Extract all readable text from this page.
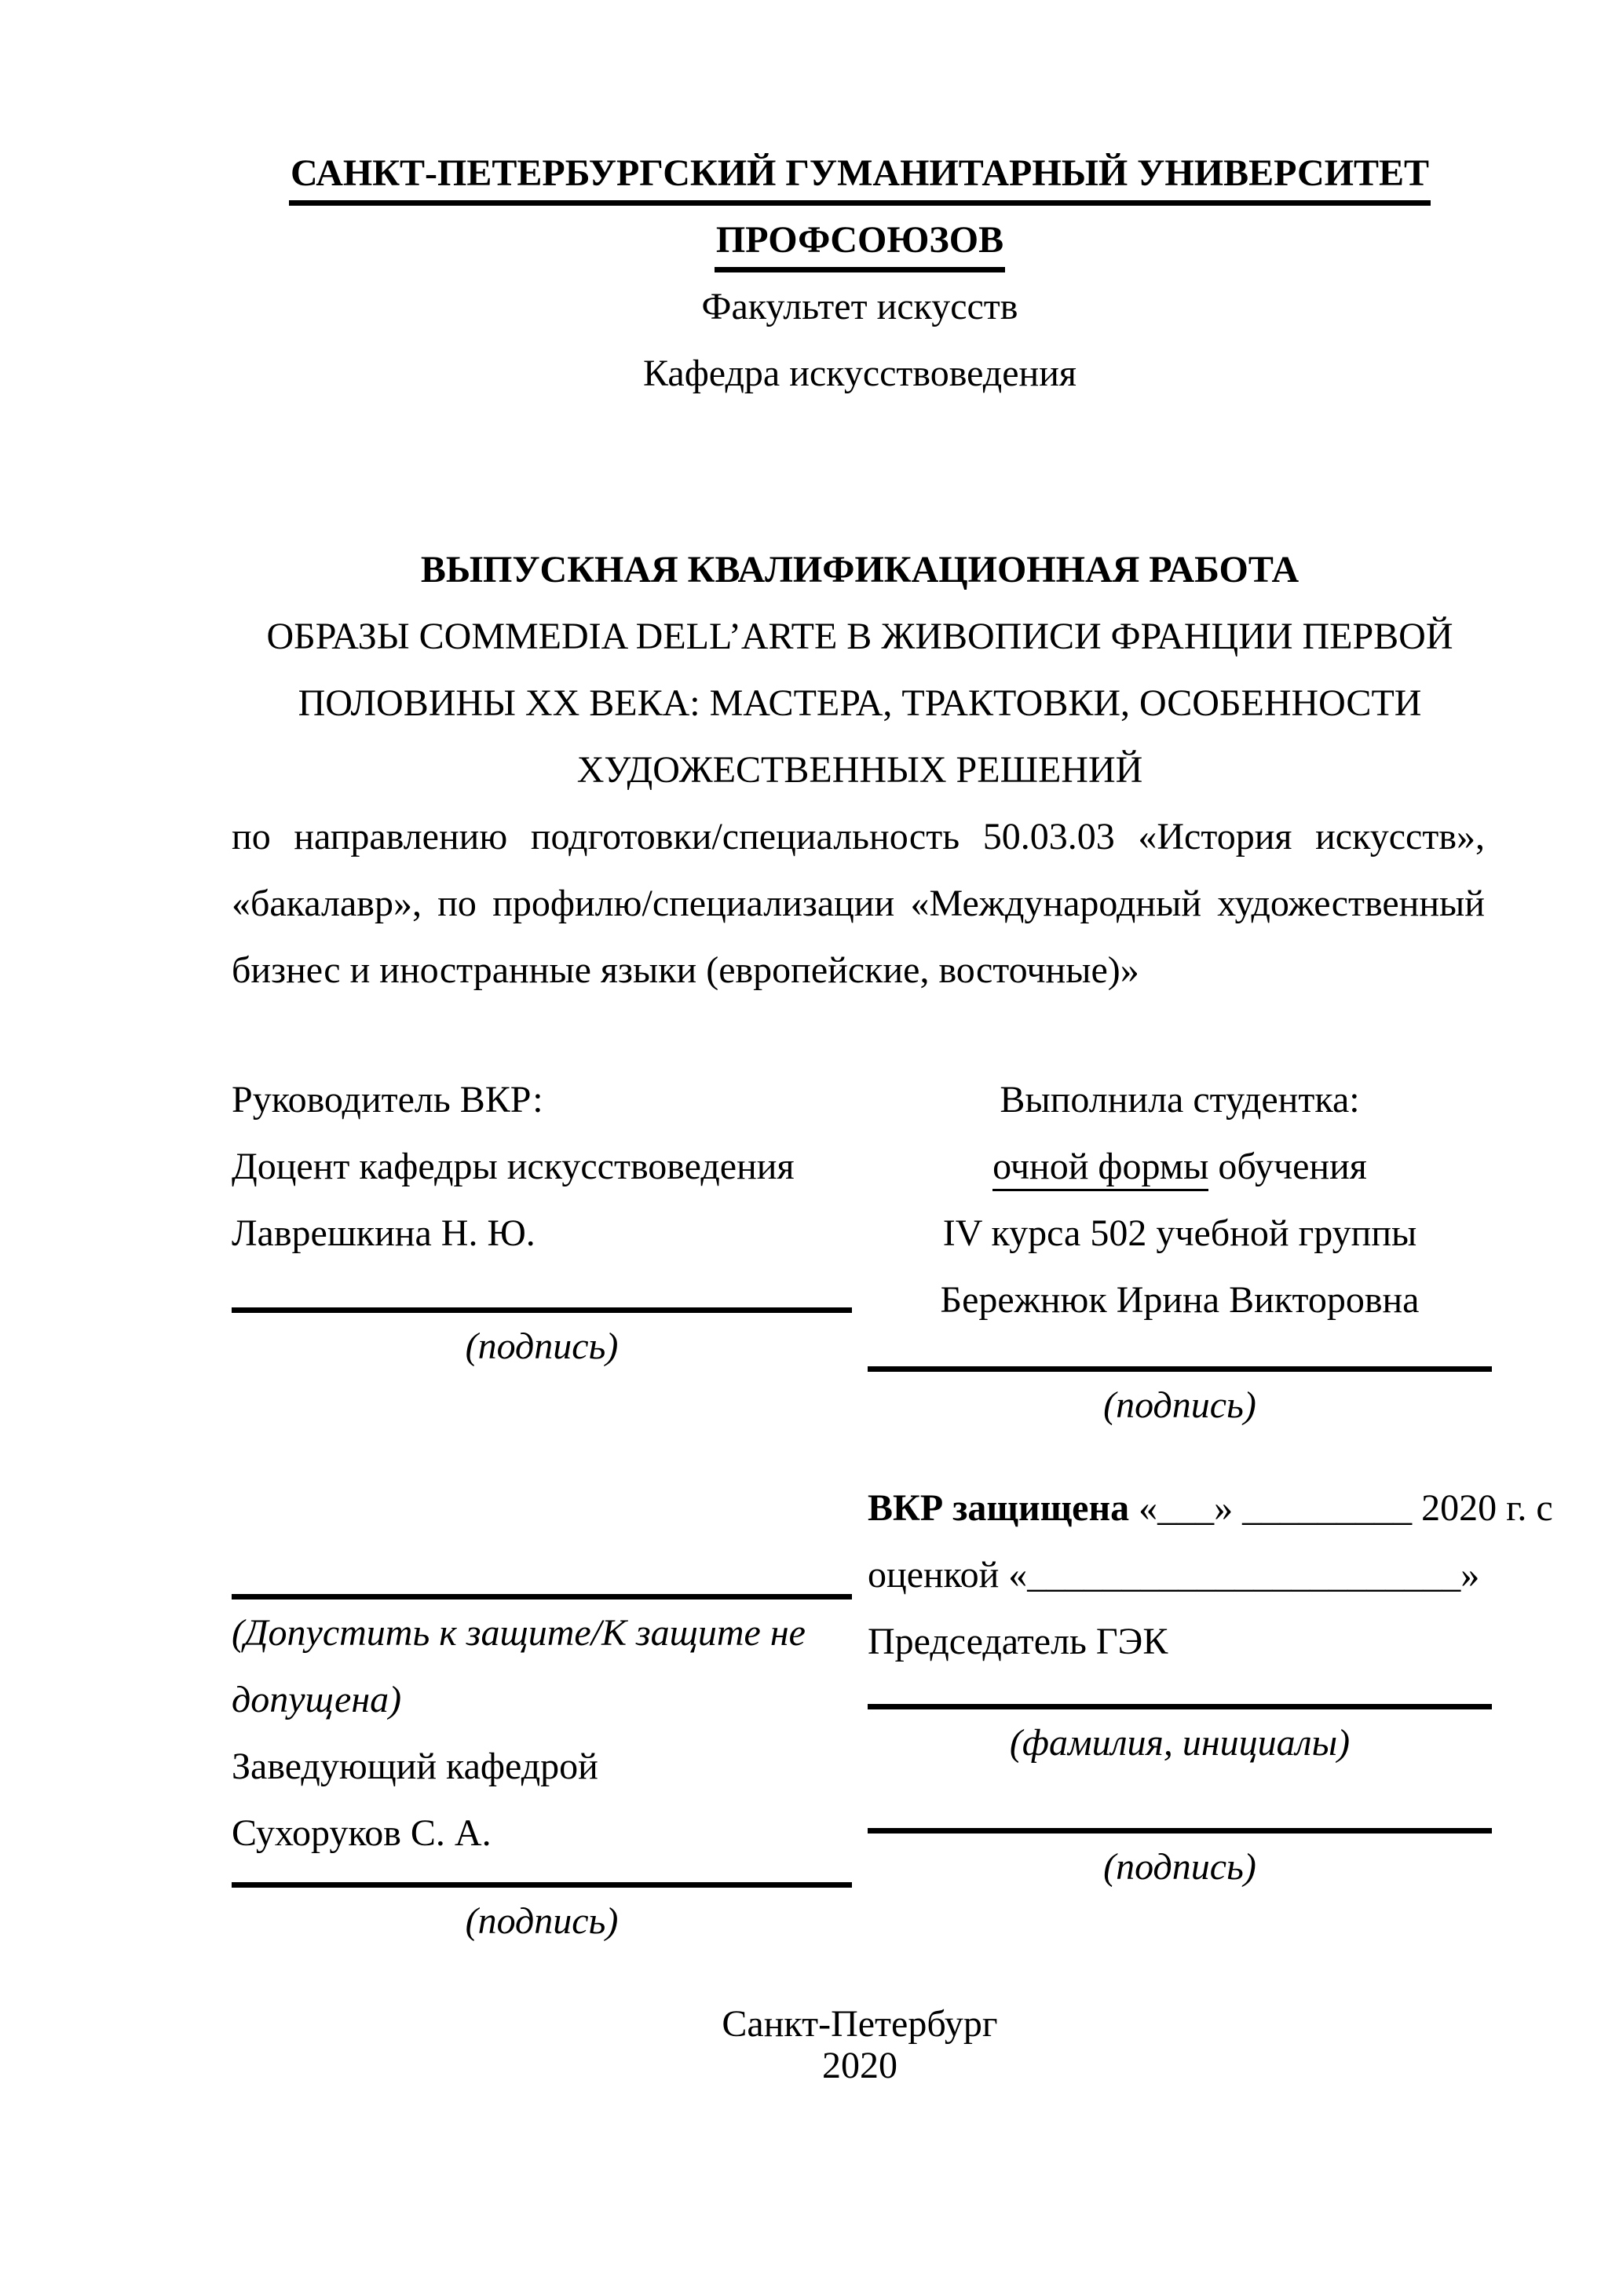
САНКТ-ПЕТЕРБУРГСКИЙ ГУМАНИТАРНЫЙ УНИВЕРСИТЕТ
ПРОФСОЮЗОВ
Факультет искусств
Кафедра искусствоведения
ВЫПУСКНАЯ КВАЛИФИКАЦИОННАЯ РАБОТА
ОБРАЗЫ COMMEDIA DELL’ARTE В ЖИВОПИСИ ФРАНЦИИ ПЕРВОЙ
ПОЛОВИНЫ XX ВЕКА: МАСТЕРА, ТРАКТОВКИ, ОСОБЕННОСТИ
ХУДОЖЕСТВЕННЫХ РЕШЕНИЙ
по направлению подготовки/специальность 50.03.03 «История искусств»,
«бакалавр», по профилю/специализации «Международный художественный
бизнес и иностранные языки (европейские, восточные)»
Руководитель ВКР:
Доцент кафедры искусствоведения
Лаврешкина Н. Ю.
(подпись)
(Допустить к защите/К защите не
допущена)
Заведующий кафедрой
Сухоруков С. А.
(подпись)
Выполнила студентка:
очной формы обучения
IV курса 502 учебной группы
Бережнюк Ирина Викторовна
(подпись)
ВКР защищена «___» _________ 2020 г. с
оценкой «_______________________»
Председатель ГЭК
(фамилия, инициалы)
(подпись)
Санкт-Петербург
2020
